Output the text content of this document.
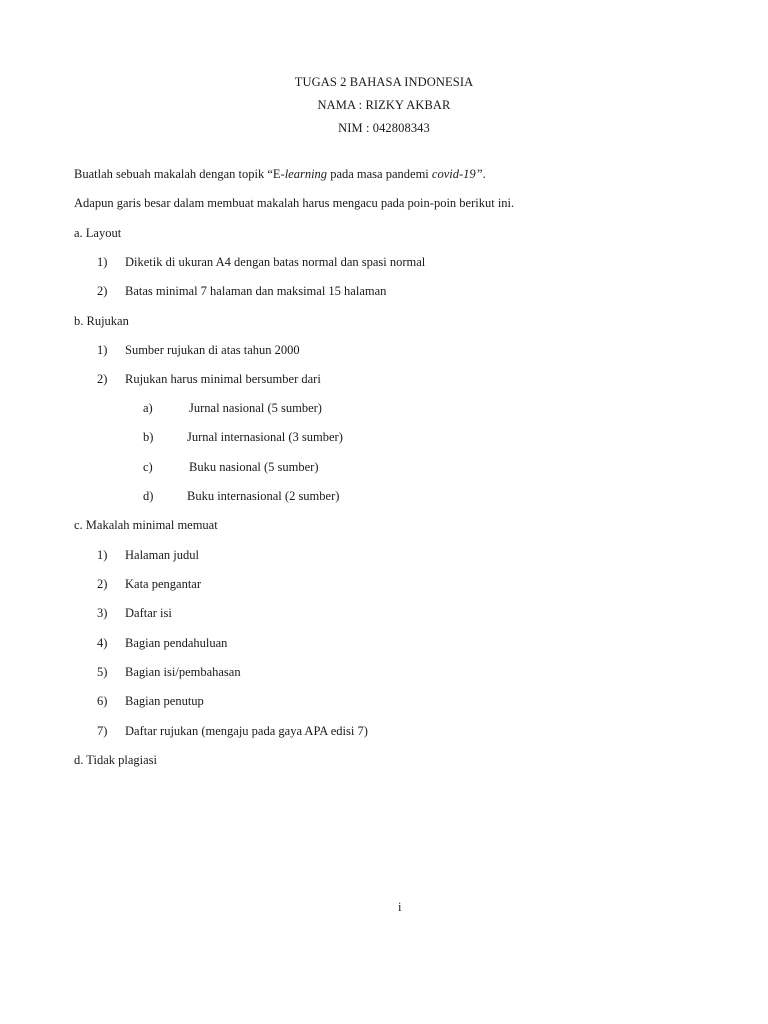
TUGAS 2 BAHASA INDONESIA
NAMA : RIZKY AKBAR
NIM : 042808343
Buatlah sebuah makalah dengan topik “E-learning pada masa pandemi covid-19”.
Adapun garis besar dalam membuat makalah harus mengacu pada poin-poin berikut ini.
a. Layout
1) Diketik di ukuran A4 dengan batas normal dan spasi normal
2) Batas minimal 7 halaman dan maksimal 15 halaman
b. Rujukan
1) Sumber rujukan di atas tahun 2000
2) Rujukan harus minimal bersumber dari
a)	Jurnal nasional (5 sumber)
b)	Jurnal internasional (3 sumber)
c)	Buku nasional (5 sumber)
d)	Buku internasional (2 sumber)
c. Makalah minimal memuat
1) Halaman judul
2) Kata pengantar
3) Daftar isi
4) Bagian pendahuluan
5) Bagian isi/pembahasan
6) Bagian penutup
7) Daftar rujukan (mengaju pada gaya APA edisi 7)
d. Tidak plagiasi
i
